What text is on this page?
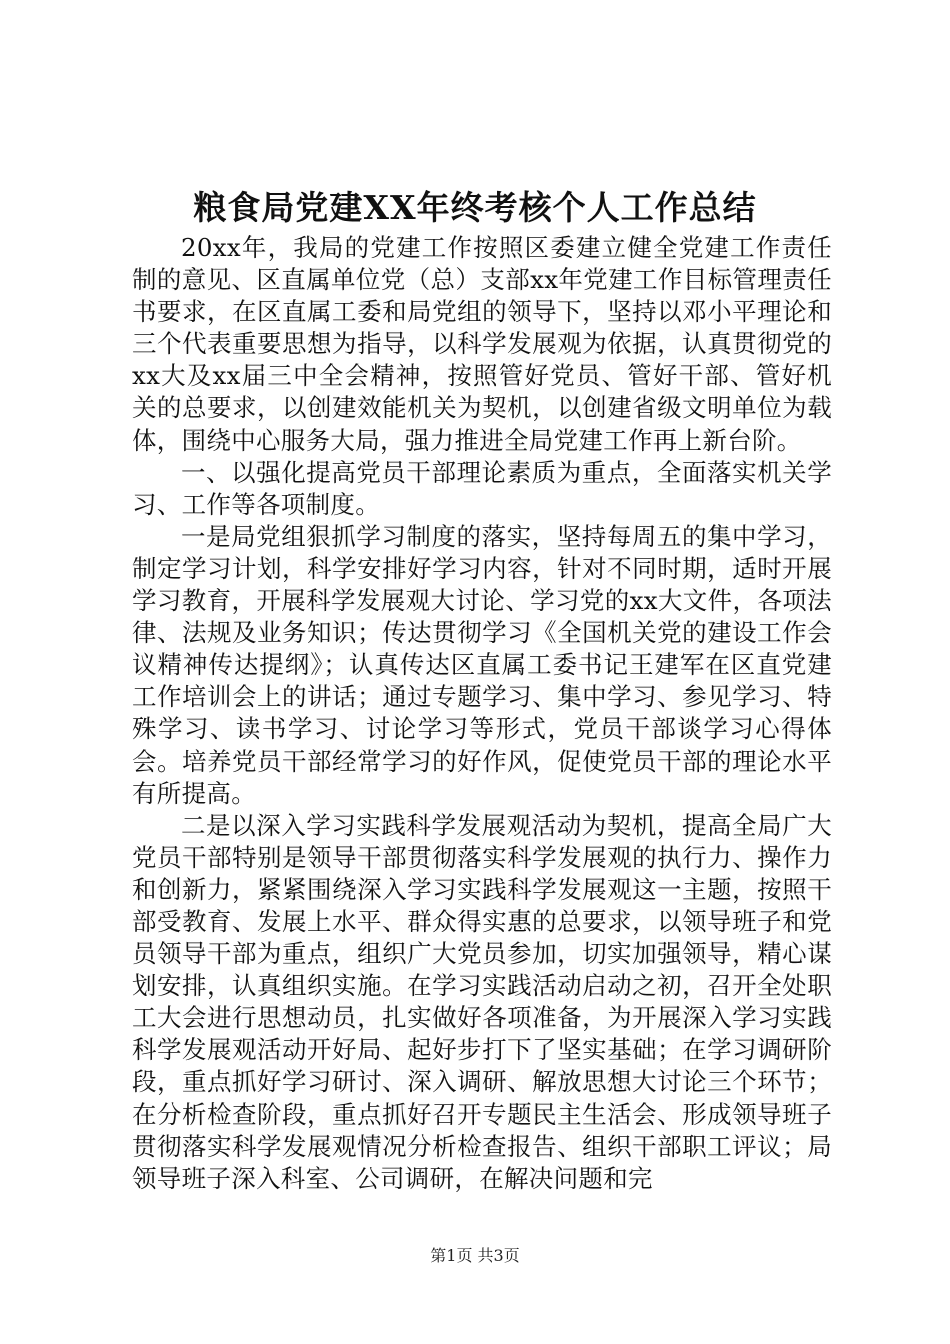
粮食局党建XX年终考核个人工作总结

20xx年，我局的党建工作按照区委建立健全党建工作责任制的意见、区直属单位党（总）支部xx年党建工作目标管理责任书要求，在区直属工委和局党组的领导下，坚持以邓小平理论和三个代表重要思想为指导，以科学发展观为依据，认真贯彻党的xx大及xx届三中全会精神，按照管好党员、管好干部、管好机关的总要求，以创建效能机关为契机，以创建省级文明单位为载体，围绕中心服务大局，强力推进全局党建工作再上新台阶。

一、以强化提高党员干部理论素质为重点，全面落实机关学习、工作等各项制度。

一是局党组狠抓学习制度的落实，坚持每周五的集中学习，制定学习计划，科学安排好学习内容，针对不同时期，适时开展学习教育，开展科学发展观大讨论、学习党的xx大文件，各项法律、法规及业务知识；传达贯彻学习《全国机关党的建设工作会议精神传达提纲》；认真传达区直属工委书记王建军在区直党建工作培训会上的讲话；通过专题学习、集中学习、参见学习、特殊学习、读书学习、讨论学习等形式，党员干部谈学习心得体会。培养党员干部经常学习的好作风，促使党员干部的理论水平有所提高。

二是以深入学习实践科学发展观活动为契机，提高全局广大党员干部特别是领导干部贯彻落实科学发展观的执行力、操作力和创新力，紧紧围绕深入学习实践科学发展观这一主题，按照干部受教育、发展上水平、群众得实惠的总要求，以领导班子和党员领导干部为重点，组织广大党员参加，切实加强领导，精心谋划安排，认真组织实施。在学习实践活动启动之初，召开全处职工大会进行思想动员，扎实做好各项准备，为开展深入学习实践科学发展观活动开好局、起好步打下了坚实基础；在学习调研阶段，重点抓好学习研讨、深入调研、解放思想大讨论三个环节；在分析检查阶段，重点抓好召开专题民主生活会、形成领导班子贯彻落实科学发展观情况分析检查报告、组织干部职工评议；局领导班子深入科室、公司调研，在解决问题和完

第1页 共3页
